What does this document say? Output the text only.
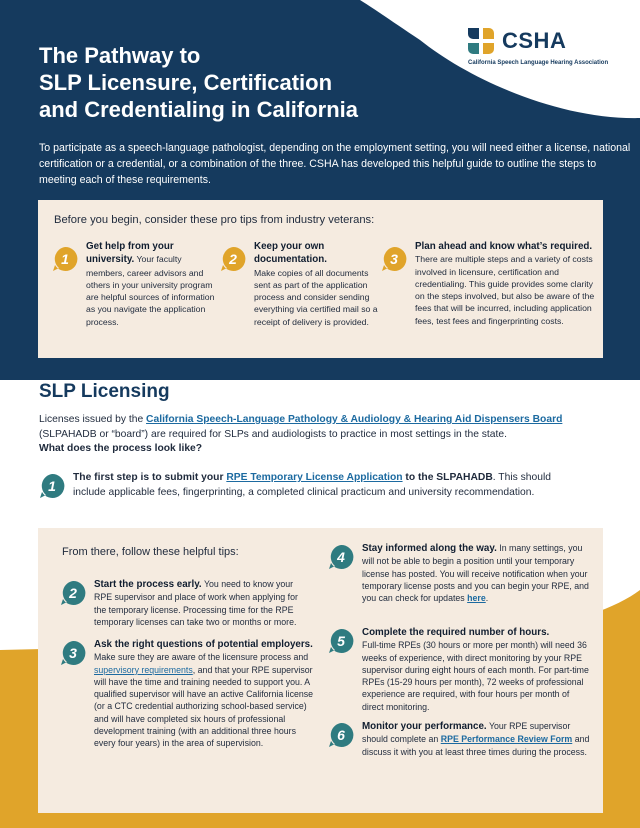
CSHA
California Speech Language Hearing Association
The Pathway to
SLP Licensure, Certification
and Credentialing in California

To participate as a speech-language pathologist, depending on the employment setting, you will need either a license, national certification or a credential, or a combination of the three. CSHA has developed this helpful guide to outline the steps to meeting each of these requirements.

Before you begin, consider these pro tips from industry veterans:
1
Get help from your university. Your faculty members, career advisors and others in your university program are helpful sources of information as you navigate the application process.
2
Keep your own documentation.
Make copies of all documents sent as part of the application process and consider sending everything via certified mail so a receipt of delivery is provided.
3
Plan ahead and know what’s required. There are multiple steps and a variety of costs involved in licensure, certification and credentialing. This guide provides some clarity on the steps involved, but also be aware of the fees that will be incurred, including application fees, test fees and fingerprinting costs.
SLP Licensing
Licenses issued by the California Speech-Language Pathology & Audiology & Hearing Aid Dispensers Board (SLPAHADB or “board”) are required for SLPs and audiologists to practice in most settings in the state.
What does the process look like?
1
The first step is to submit your RPE Temporary License Application to the SLPAHADB. This should include applicable fees, fingerprinting, a completed clinical practicum and university recommendation.
From there, follow these helpful tips:
2
Start the process early. You need to know your RPE supervisor and place of work when applying for the temporary license. Processing time for the RPE temporary licenses can take two or months or more.
3
Ask the right questions of potential employers. Make sure they are aware of the licensure process and supervisory requirements, and that your RPE supervisor will have the time and training needed to support you. A qualified supervisor will have an active California license (or a CTC credential authorizing school-based service) and will have completed six hours of professional development training (with an additional three hours every four years) in the area of supervision.
4
Stay informed along the way. In many settings, you will not be able to begin a position until your temporary license has posted. You will receive notification when your temporary license posts and you can begin your RPE, and you can check for updates here.
5
Complete the required number of hours.
Full-time RPEs (30 hours or more per month) will need 36 weeks of experience, with direct monitoring by your RPE supervisor during eight hours of each month. For part-time RPEs (15-29 hours per month), 72 weeks of professional experience are required, with four hours per month of direct monitoring.
6
Monitor your performance. Your RPE supervisor should complete an RPE Performance Review Form and discuss it with you at least three times during the process.
